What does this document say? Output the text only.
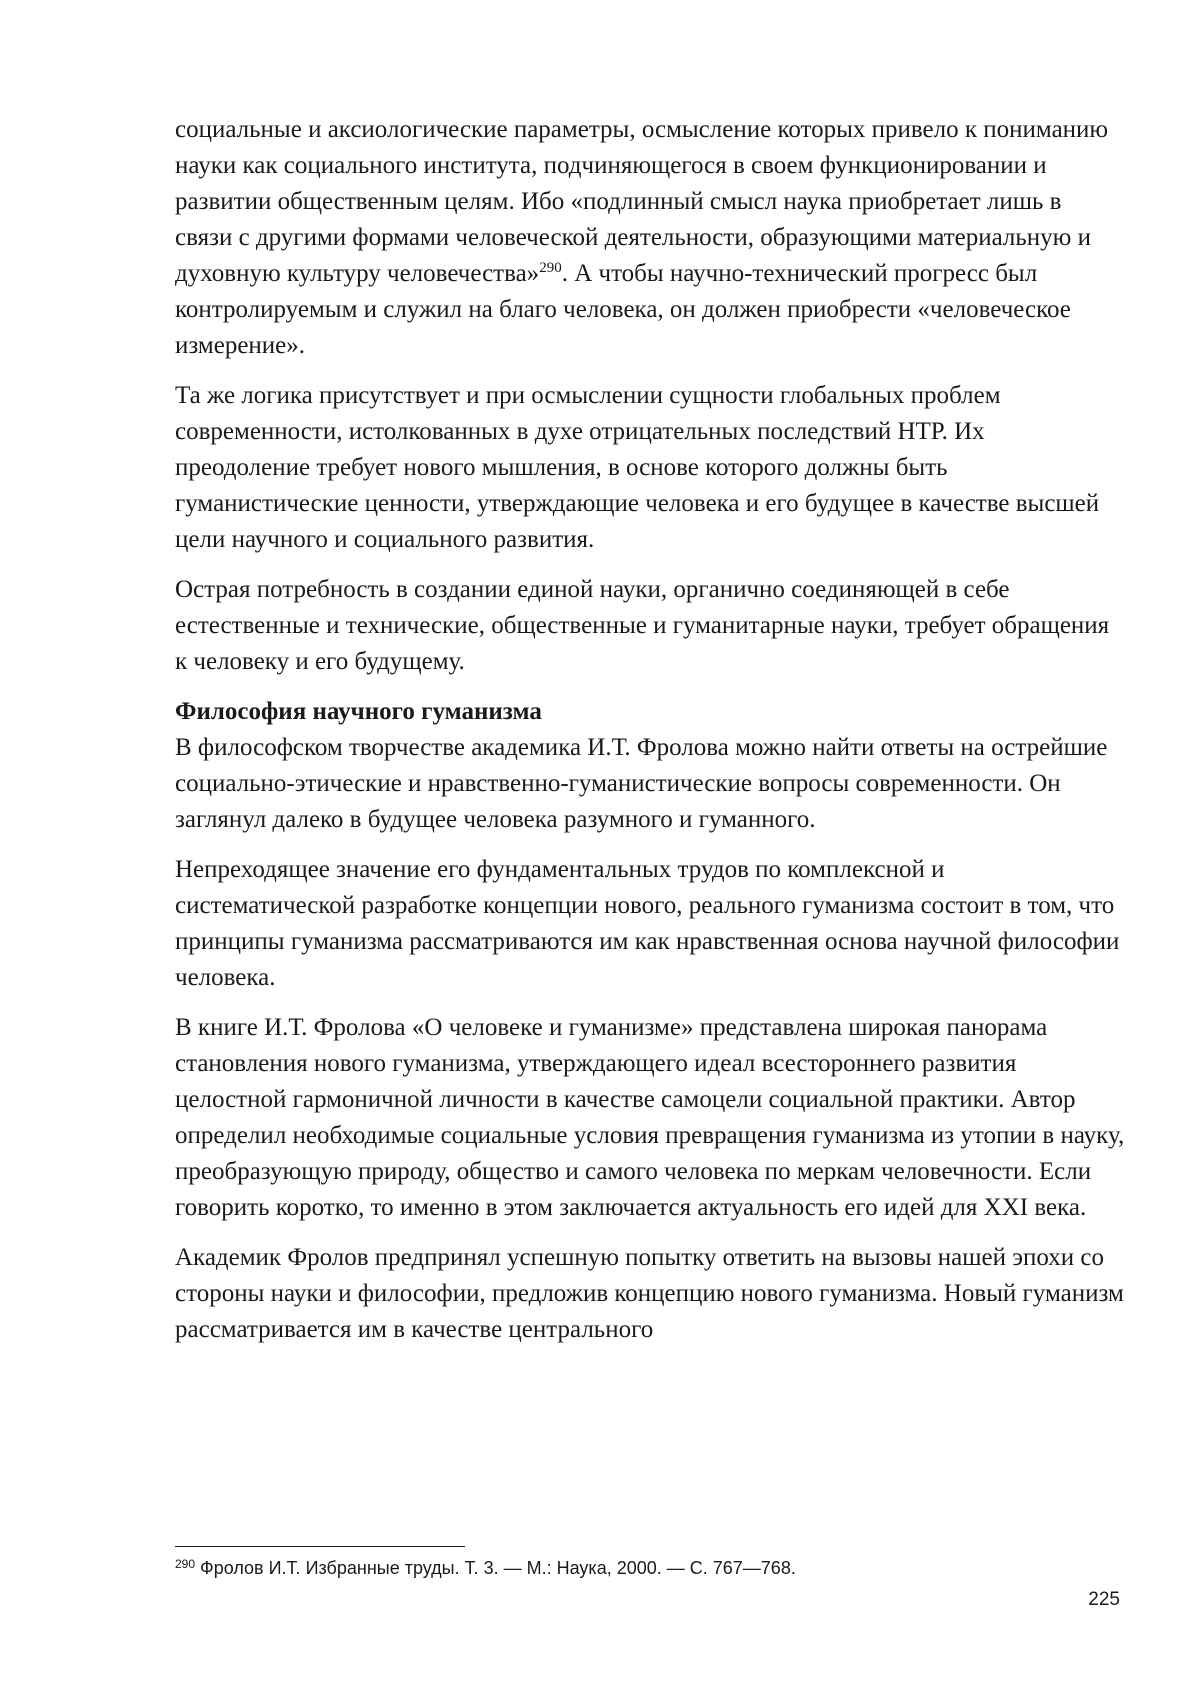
социальные и аксиологические параметры, осмысление которых привело к пониманию науки как социального института, подчиняющегося в своем функционировании и развитии общественным целям. Ибо «подлинный смысл наука приобретает лишь в связи с другими формами человеческой деятельности, образующими материальную и духовную культуру человечества»$^{290}$. А чтобы научно-технический прогресс был контролируемым и служил на благо человека, он должен приобрести «человеческое измерение».

Та же логика присутствует и при осмыслении сущности глобальных проблем современности, истолкованных в духе отрицательных последствий НТР. Их преодоление требует нового мышления, в основе которого должны быть гуманистические ценности, утверждающие человека и его будущее в качестве высшей цели научного и социального развития.

Острая потребность в создании единой науки, органично соединяющей в себе естественные и технические, общественные и гуманитарные науки, требует обращения к человеку и его будущему.

Философия научного гуманизма

В философском творчестве академика И.Т. Фролова можно найти ответы на острейшие социально-этические и нравственно-гуманистические вопросы современности. Он заглянул далеко в будущее человека разумного и гуманного.

Непреходящее значение его фундаментальных трудов по комплексной и систематической разработке концепции нового, реального гуманизма состоит в том, что принципы гуманизма рассматриваются им как нравственная основа научной философии человека.

В книге И.Т. Фролова «О человеке и гуманизме» представлена широкая панорама становления нового гуманизма, утверждающего идеал всестороннего развития целостной гармоничной личности в качестве самоцели социальной практики. Автор определил необходимые социальные условия превращения гуманизма из утопии в науку, преобразующую природу, общество и самого человека по меркам человечности. Если говорить коротко, то именно в этом заключается актуальность его идей для XXI века.

Академик Фролов предпринял успешную попытку ответить на вызовы нашей эпохи со стороны науки и философии, предложив концепцию нового гуманизма. Новый гуманизм рассматривается им в качестве центрального

$^{290}$ Фролов И.Т. Избранные труды. Т. 3. — М.: Наука, 2000. — С. 767—768.
225
